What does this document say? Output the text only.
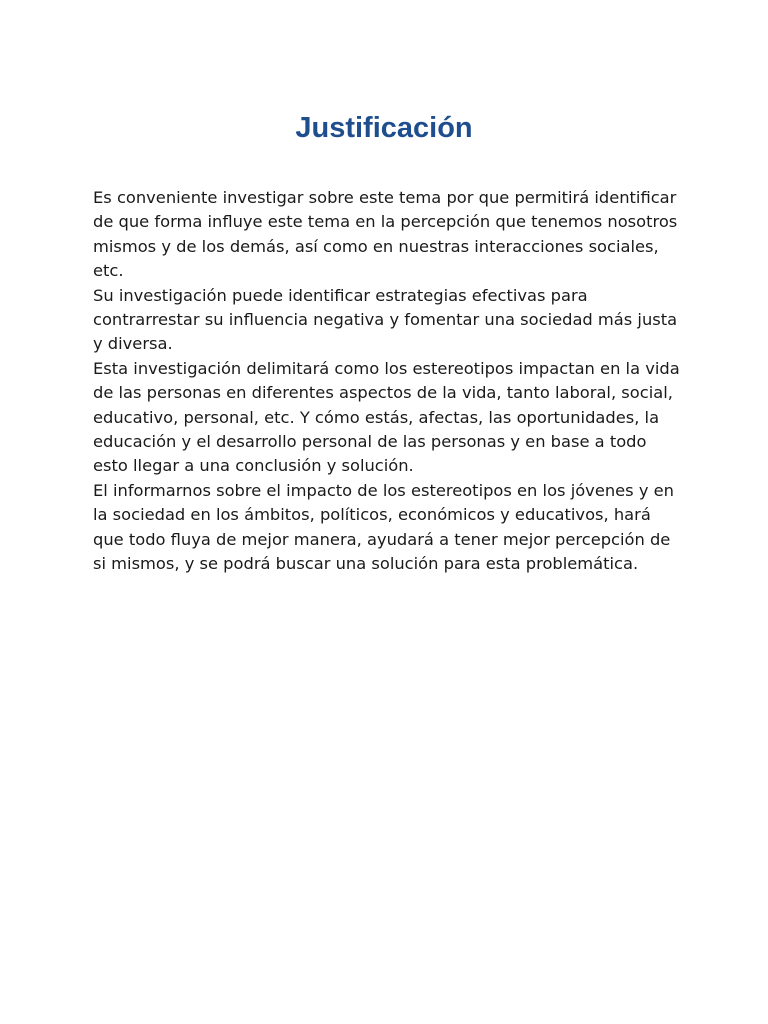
Justificación

Es conveniente investigar sobre este tema por que permitirá identificar de que forma influye este tema en la percepción que tenemos nosotros mismos y de los demás, así como en nuestras interacciones sociales, etc.

Su investigación puede identificar estrategias efectivas para contrarrestar su influencia negativa y fomentar una sociedad más justa y diversa.

Esta investigación delimitará como los estereotipos impactan en la vida de las personas en diferentes aspectos de la vida, tanto laboral, social, educativo, personal, etc. Y cómo estás, afectas, las oportunidades, la educación y el desarrollo personal de las personas y en base a todo esto llegar a una conclusión y solución.

El informarnos sobre el impacto de los estereotipos en los jóvenes y en la sociedad en los ámbitos, políticos, económicos y educativos, hará que todo fluya de mejor manera, ayudará a tener mejor percepción de si mismos, y se podrá buscar una solución para esta problemática.
